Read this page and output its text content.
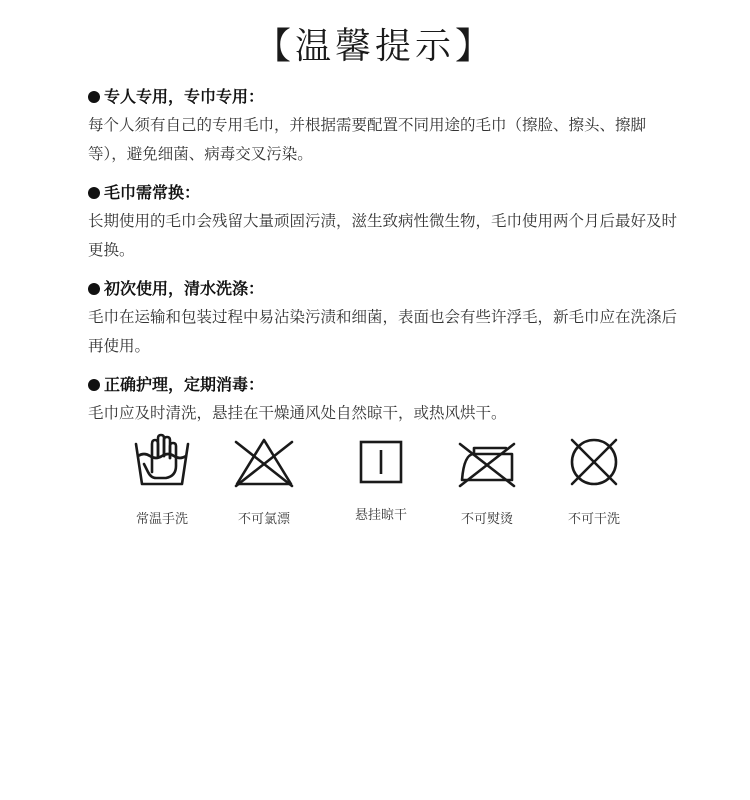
【温馨提示】
专人专用，专巾专用：
每个人须有自己的专用毛巾，并根据需要配置不同用途的毛巾（擦脸、擦头、擦脚等），避免细菌、病毒交叉污染。
毛巾需常换：
长期使用的毛巾会残留大量顽固污渍，滋生致病性微生物，毛巾使用两个月后最好及时更换。
初次使用，清水洗涤：
毛巾在运输和包装过程中易沾染污渍和细菌，表面也会有些许浮毛，新毛巾应在洗涤后再使用。
正确护理，定期消毒：
毛巾应及时清洗，悬挂在干燥通风处自然晾干，或热风烘干。
常温手洗	不可氯漂	悬挂晾干	不可熨烫	不可干洗
